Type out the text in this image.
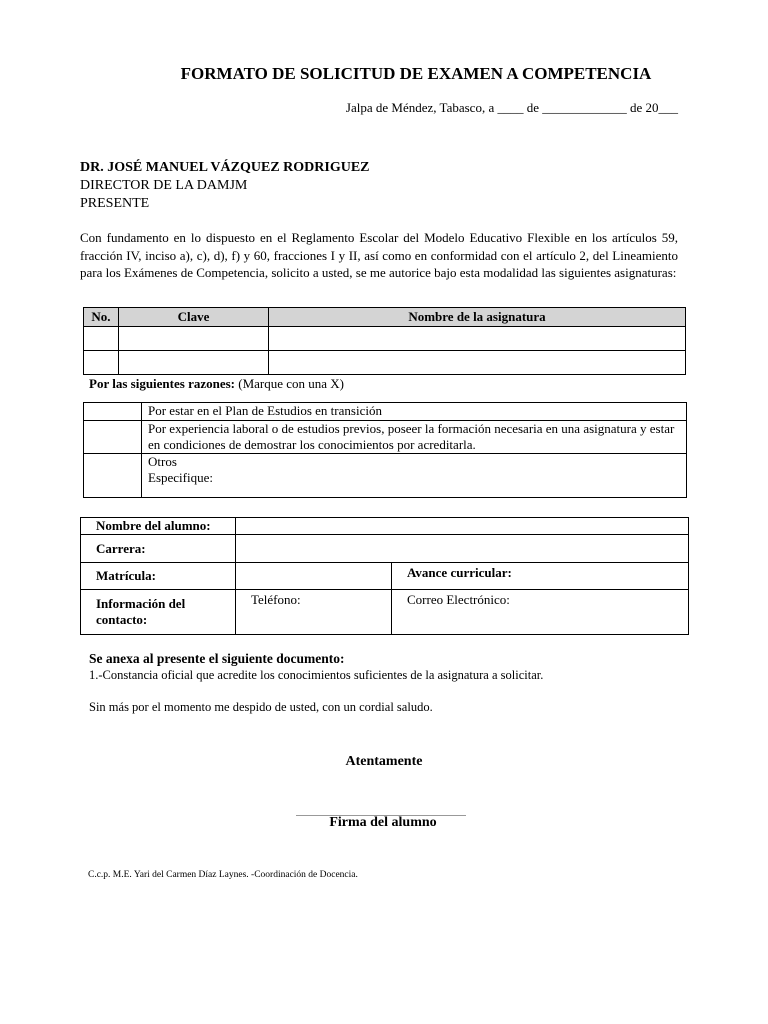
FORMATO DE SOLICITUD DE EXAMEN A COMPETENCIA
Jalpa de Méndez, Tabasco, a ____ de _____________ de 20___
DR. JOSÉ MANUEL VÁZQUEZ RODRIGUEZ
DIRECTOR DE LA DAMJM
PRESENTE
Con fundamento en lo dispuesto en el Reglamento Escolar del Modelo Educativo Flexible en los artículos 59, fracción IV, inciso a), c), d), f) y 60, fracciones I y II, así como en conformidad con el artículo 2, del Lineamiento para los Exámenes de Competencia, solicito a usted, se me autorice bajo esta modalidad las siguientes asignaturas:
No.	Clave	Nombre de la asignatura

Por las siguientes razones: (Marque con una X)
	Por estar en el Plan de Estudios en transición
	Por experiencia laboral o de estudios previos, poseer la formación necesaria en una asignatura y estar en condiciones de demostrar los conocimientos por acreditarla.

	Otros
Especifique:
Nombre del alumno:		
Carrera:		
Matrícula:		Avance curricular:
Información del contacto:	Teléfono:	Correo Electrónico:
Se anexa al presente el siguiente documento:
1.-Constancia oficial que acredite los conocimientos suficientes de la asignatura a solicitar.
Sin más por el momento me despido de usted, con un cordial saludo.
Atentamente
Firma del alumno
C.c.p. M.E. Yari del Carmen Díaz Laynes. -Coordinación de Docencia.
